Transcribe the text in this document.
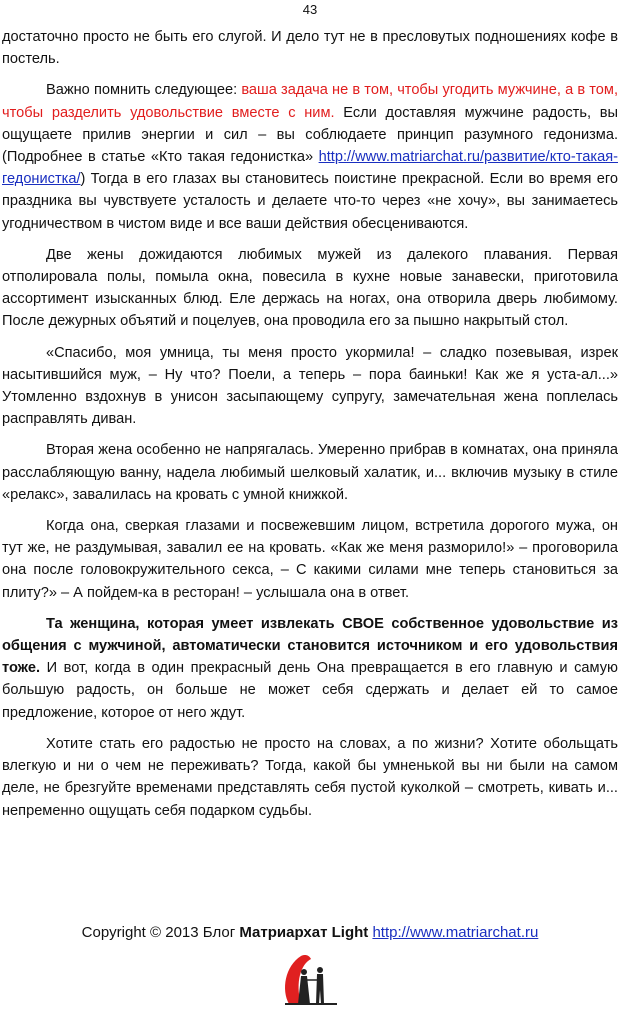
43

достаточно просто не быть его слугой. И дело тут не в пресловутых подношениях кофе в постель.

Важно помнить следующее: ваша задача не в том, чтобы угодить мужчине, а в том, чтобы разделить удовольствие вместе с ним. Если доставляя мужчине радость, вы ощущаете прилив энергии и сил – вы соблюдаете принцип разумного гедонизма. (Подробнее в статье «Кто такая гедонистка» http://www.matriarchat.ru/развитие/кто-такая-гедонистка/) Тогда в его глазах вы становитесь поистине прекрасной. Если во время его праздника вы чувствуете усталость и делаете что-то через «не хочу», вы занимаетесь угодничеством в чистом виде и все ваши действия обесцениваются.

Две жены дожидаются любимых мужей из далекого плавания. Первая отполировала полы, помыла окна, повесила в кухне новые занавески, приготовила ассортимент изысканных блюд. Еле держась на ногах, она отворила дверь любимому. После дежурных объятий и поцелуев, она проводила его за пышно накрытый стол.

«Спасибо, моя умница, ты меня просто укормила! – сладко позевывая, изрек насытившийся муж, – Ну что? Поели, а теперь – пора баиньки! Как же я уста-ал...» Утомленно вздохнув в унисон засыпающему супругу, замечательная жена поплелась расправлять диван.

Вторая жена особенно не напрягалась. Умеренно прибрав в комнатах, она приняла расслабляющую ванну, надела любимый шелковый халатик, и... включив музыку в стиле «релакс», завалилась на кровать с умной книжкой.

Когда она, сверкая глазами и посвежевшим лицом, встретила дорогого мужа, он тут же, не раздумывая, завалил ее на кровать. «Как же меня разморило!» – проговорила она после головокружительного секса, – С какими силами мне теперь становиться за плиту?» – А пойдем-ка в ресторан! – услышала она в ответ.

Та женщина, которая умеет извлекать СВОЕ собственное удовольствие из общения с мужчиной, автоматически становится источником и его удовольствия тоже. И вот, когда в один прекрасный день Она превращается в его главную и самую большую радость, он больше не может себя сдержать и делает ей то самое предложение, которое от него ждут.

Хотите стать его радостью не просто на словах, а по жизни? Хотите обольщать влегкую и ни о чем не переживать? Тогда, какой бы умненькой вы ни были на самом деле, не брезгуйте временами представлять себя пустой куколкой – смотреть, кивать и... непременно ощущать себя подарком судьбы.

Copyright © 2013 Блог Матриархат Light http://www.matriarchat.ru
